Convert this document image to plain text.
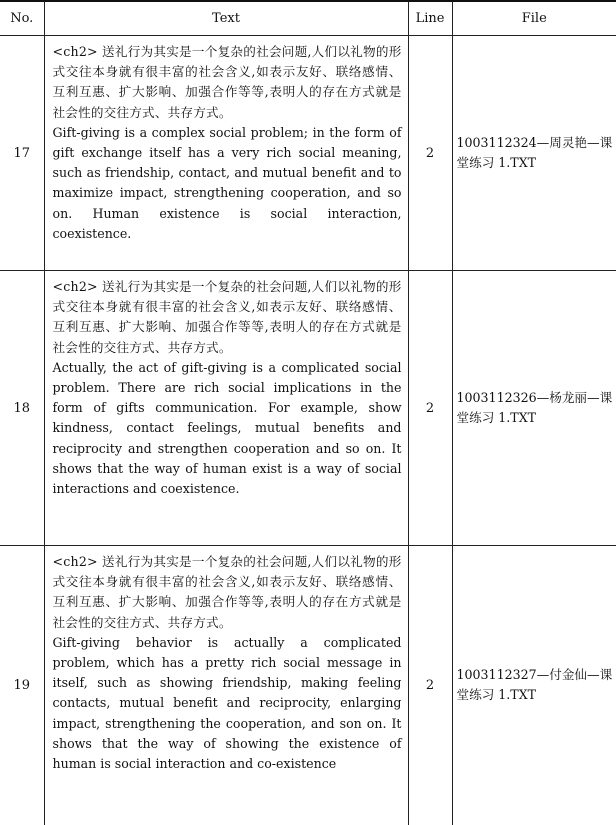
No.	Text	Line	File
17	<ch2> 送礼行为其实是一个复杂的社会问题,人们以礼物的形式交往本身就有很丰富的社会含义,如表示友好、联络感情、互利互惠、扩大影响、加强合作等等,表明人的存在方式就是社会性的交往方式、共存方式。
Gift-giving is a complex social problem; in the form of gift exchange itself has a very rich social meaning, such as friendship, contact, and mutual benefit and to maximize impact, strengthening cooperation, and so on. Human existence is social interaction, coexistence.	2	1003112324—周灵艳—课堂练习 1.TXT

18	<ch2> 送礼行为其实是一个复杂的社会问题,人们以礼物的形式交往本身就有很丰富的社会含义,如表示友好、联络感情、互利互惠、扩大影响、加强合作等等,表明人的存在方式就是社会性的交往方式、共存方式。
Actually, the act of gift-giving is a complicated social problem. There are rich social implications in the form of gifts communication. For example, show kindness, contact feelings, mutual benefits and reciprocity and strengthen cooperation and so on. It shows that the way of human exist is a way of social interactions and coexistence.	2	1003112326—杨龙丽—课堂练习 1.TXT

19	<ch2> 送礼行为其实是一个复杂的社会问题,人们以礼物的形式交往本身就有很丰富的社会含义,如表示友好、联络感情、互利互惠、扩大影响、加强合作等等,表明人的存在方式就是社会性的交往方式、共存方式。
Gift-giving behavior is actually a complicated problem, which has a pretty rich social message in itself, such as showing friendship, making feeling contacts, mutual benefit and reciprocity, enlarging impact, strengthening the cooperation, and son on. It shows that the way of showing the existence of human is social interaction and co-existence	2	1003112327—付金仙—课堂练习 1.TXT
